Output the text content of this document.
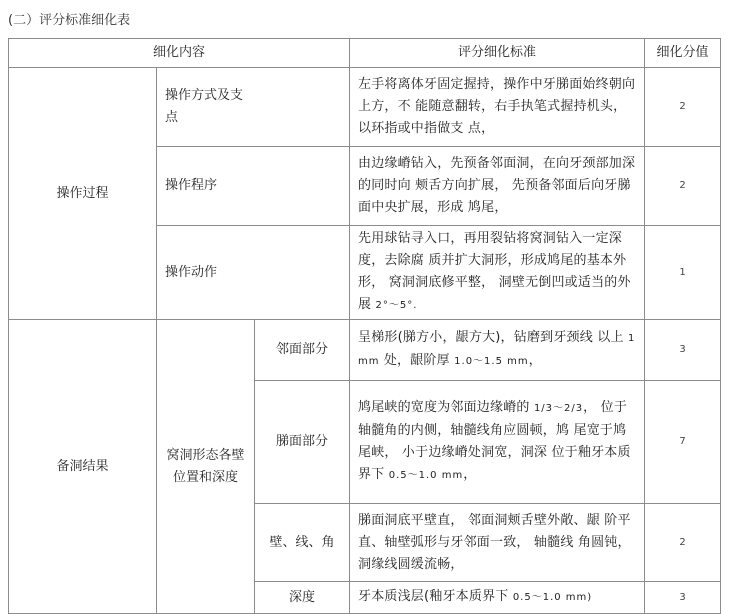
(二）评分标准细化表
细化内容			评分细化标准	细化分值
操作过程	操作方式及支点		左手将离体牙固定握持，操作中牙䏲面始终朝向上方，不 能随意翻转，右手执笔式握持机头， 以环指或中指做支 点，	2
	操作程序		由边缘嵴钻入，先预备邻面洞，在向牙颈部加深的同时向 颊舌方向扩展， 先预备邻面后向牙䏲面中央扩展，形成 鸠尾，	2
	操作动作		先用球钻寻入口，再用裂钻将窝洞钻入一定深度，去除腐 质并扩大洞形，形成鸠尾的基本外形， 窝洞洞底修平整， 洞壁无倒凹或适当的外展 2°～5°.	1
备洞结果	窝洞形态各壁位置和深度	邻面部分	呈梯形(䏲方小，龈方大)，钻磨到牙颈线 以上 1 mm 处，龈阶厚 1.0～1.5 mm，	3
		䏲面部分	鸠尾峡的宽度为邻面边缘嵴的 1/3～2/3， 位于轴髓角的内侧，轴髓线角应圆顿，鸠 尾宽于鸠尾峡， 小于边缘嵴处洞宽，洞深 位于釉牙本质界下 0.5～1.0 mm，	7
		壁、线、角	䏲面洞底平壁直， 邻面洞颊舌壁外敞、龈 阶平直、轴壁弧形与牙邻面一致， 轴髓线 角圆钝，洞缘线圆缓流畅，	2
		深度	牙本质浅层(釉牙本质界下 0.5～1.0 mm)	3
